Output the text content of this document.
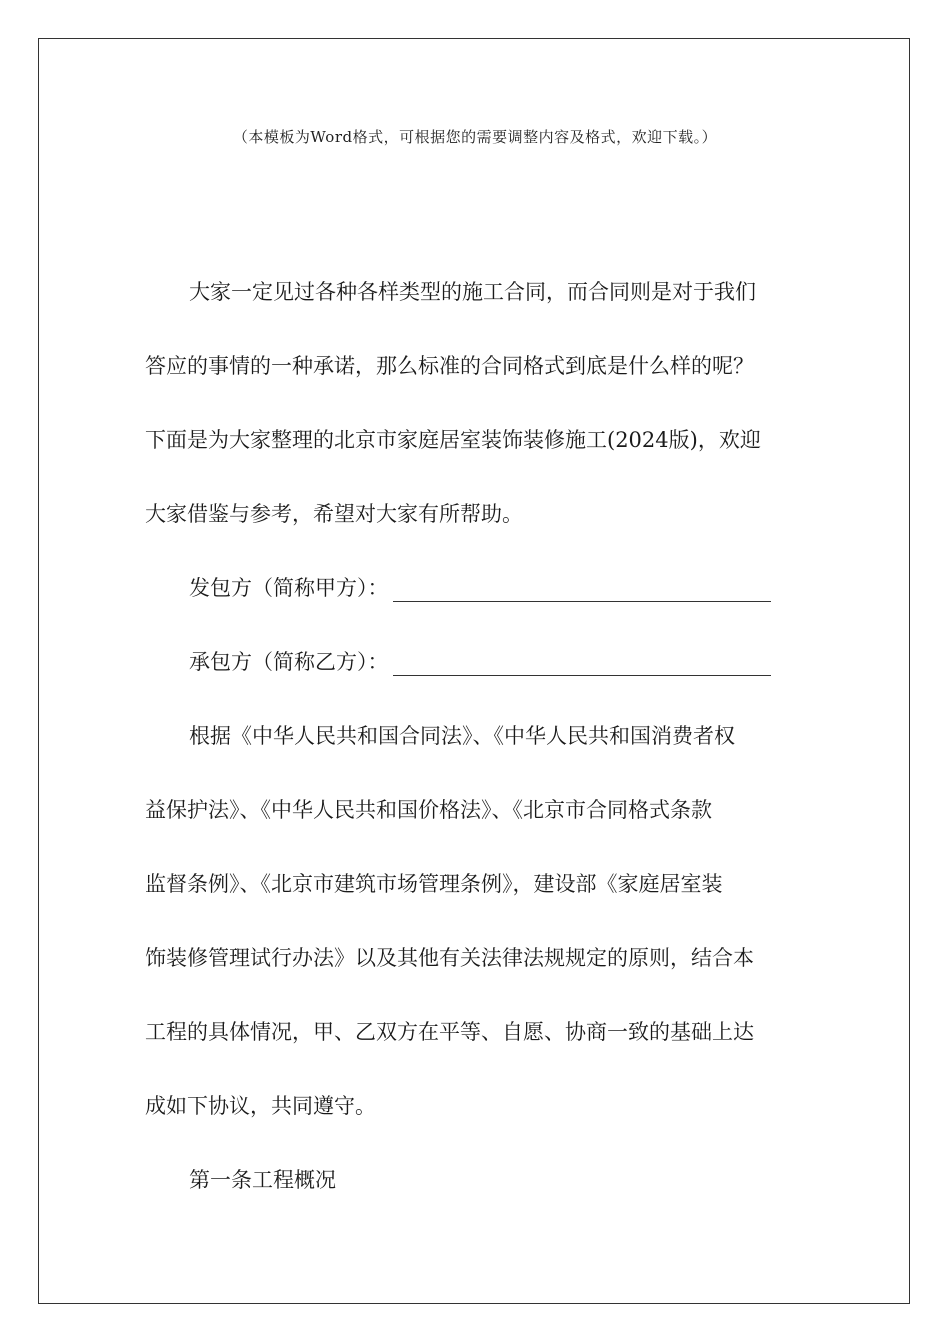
（本模板为Word格式，可根据您的需要调整内容及格式，欢迎下载。）
大家一定见过各种各样类型的施工合同，而合同则是对于我们
答应的事情的一种承诺，那么标准的合同格式到底是什么样的呢？
下面是为大家整理的北京市家庭居室装饰装修施工(2024版)，欢迎
大家借鉴与参考，希望对大家有所帮助。
发包方（简称甲方）：
承包方（简称乙方）：
根据《中华人民共和国合同法》、《中华人民共和国消费者权
益保护法》、《中华人民共和国价格法》、《北京市合同格式条款
监督条例》、《北京市建筑市场管理条例》，建设部《家庭居室装
饰装修管理试行办法》以及其他有关法律法规规定的原则，结合本
工程的具体情况，甲、乙双方在平等、自愿、协商一致的基础上达
成如下协议，共同遵守。
第一条工程概况
